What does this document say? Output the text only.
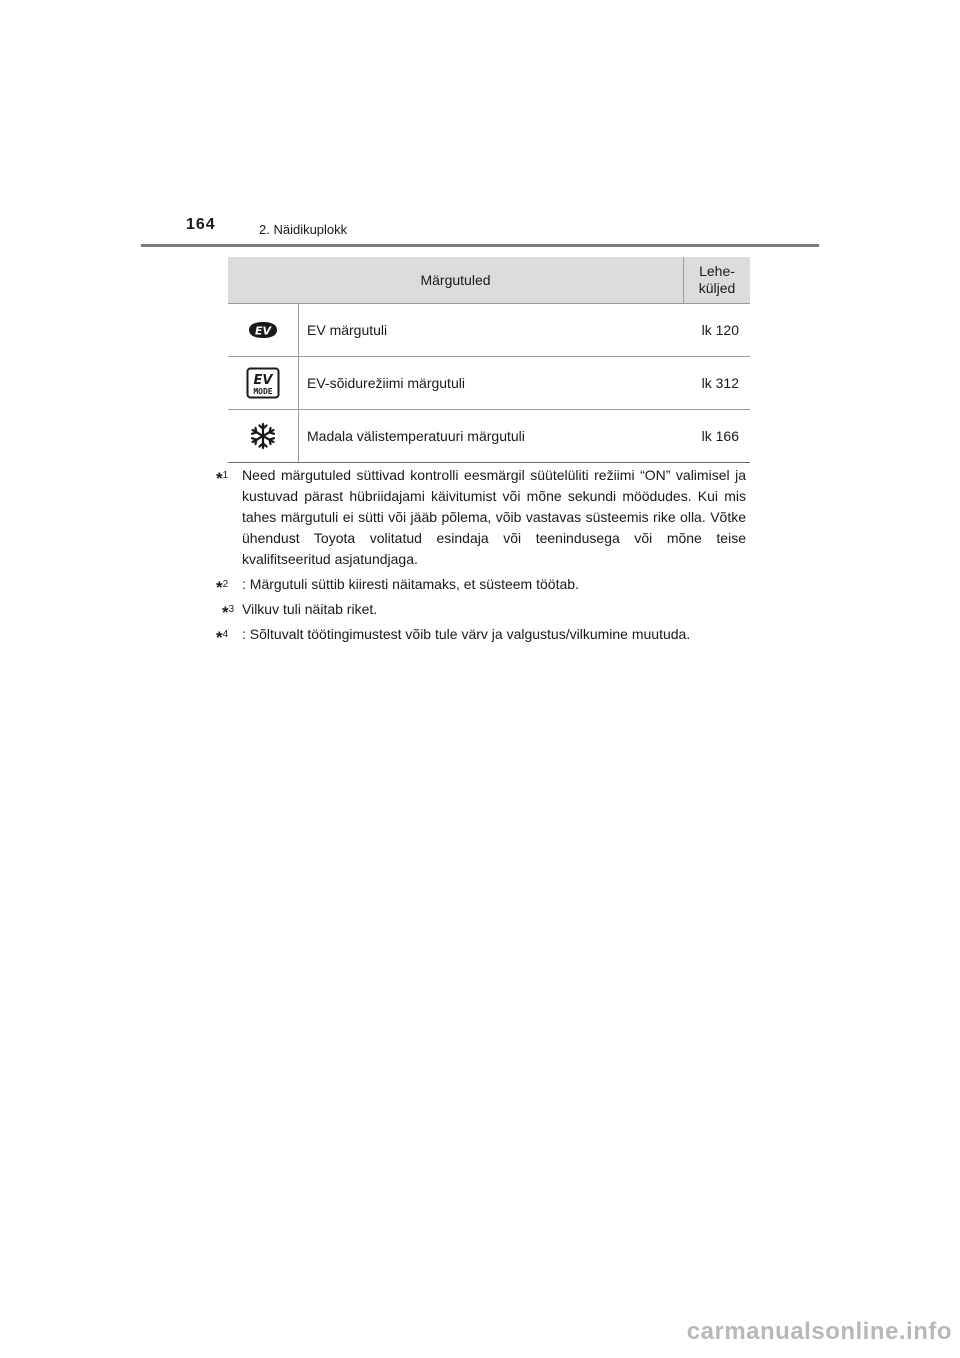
164	2. Näidikuplokk
Märgutuled		Lehe-
küljed

EV	EV märgutuli	lk 120

EV
MODE	EV-sõidurežiimi märgutuli	lk 312

	Madala välistemperatuuri märgutuli	lk 166
*$^1$ Need märgutuled süttivad kontrolli eesmärgil süütelüliti režiimi “ON” valimisel ja kustuvad pärast hübriidajami käivitumist või mõne sekundi möödudes. Kui mis tahes märgutuli ei sütti või jääb põlema, võib vastavas süsteemis rike olla. Võtke ühendust Toyota volitatud esindaja või teenindusega või mõne teise kvalifitseeritud asjatundjaga.
*$^2$ : Märgutuli süttib kiiresti näitamaks, et süsteem töötab.
*$^3$ Vilkuv tuli näitab riket.
*$^4$ : Sõltuvalt töötingimustest võib tule värv ja valgustus/vilkumine muutuda.
carmanualsonline.info
